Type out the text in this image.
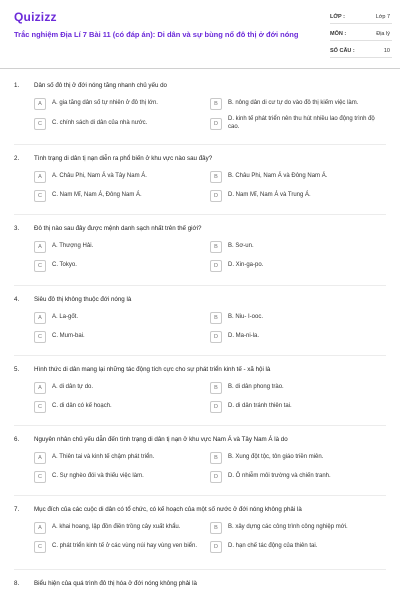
Quizizz
Trắc nghiệm Địa Lí 7 Bài 11 (có đáp án): Di dân và sự bùng nổ đô thị ở đới nóng
LỚP :	Lớp 7
MÔN :	Địa lý
SỐ CÂU :	10
1.	Dân số đô thị ở đới nóng tăng nhanh chủ yếu do
A	A. gia tăng dân số tự nhiên ở đô thị lớn.	B	B. nông dân di cư tự do vào đô thị kiếm việc làm.
C	C. chính sách di dân của nhà nước.	D
D. kinh tế phát triển nên thu hút nhiều lao động trình độ cao.
2.	Tình trạng di dân tị nạn diễn ra phổ biến ở khu vực nào sau đây?
A	A. Châu Phi, Nam Á và Tây Nam Á.	B	B. Châu Phi, Nam Á và Đông Nam Á.
C	C. Nam Mĩ, Nam Á, Đông Nam Á.	D	D. Nam Mĩ, Nam Á và Trung Á.
3.	Đô thị nào sau đây được mệnh danh sạch nhất trên thế giới?
A	A. Thượng Hải.	B	B. Sơ-un.
C	C. Tokyo.	D	D. Xin-ga-po.
4.	Siêu đô thị không thuộc đới nóng là
A	A. La-gốt.	B	B. Niu- I-ooc.
C	C. Mum-bai.	D	D. Ma-ni-la.
5.	Hình thức di dân mang lại những tác động tích cực cho sự phát triển kinh tế - xã hội là
A	A. di dân tự do.	B	B. di dân phong trào.
C	C. di dân có kế hoạch.	D	D. di dân tránh thiên tai.
6.	Nguyên nhân chủ yếu dẫn đến tình trạng di dân tị nạn ở khu vực Nam Á và Tây Nam Á là do
A	A. Thiên tai và kinh tế chậm phát triển.	B	B. Xung đột tộc, tôn giáo triền miên.
C	C. Sự nghèo đói và thiếu việc làm.	D	D. Ô nhiễm môi trường và chiến tranh.
7.	Mục đích của các cuộc di dân có tổ chức, có kế hoạch của một số nước ở đới nóng không phải là
A	A. khai hoang, lập đồn điền trồng cây xuất khẩu.	B	B. xây dựng các công trình công nghiệp mới.
C	C. phát triển kinh tế ở các vùng núi hay vùng ven biển.	D	D. hạn chế tác động của thiên tai.
8.	Biểu hiện của quá trình đô thị hóa ở đới nóng không phải là
